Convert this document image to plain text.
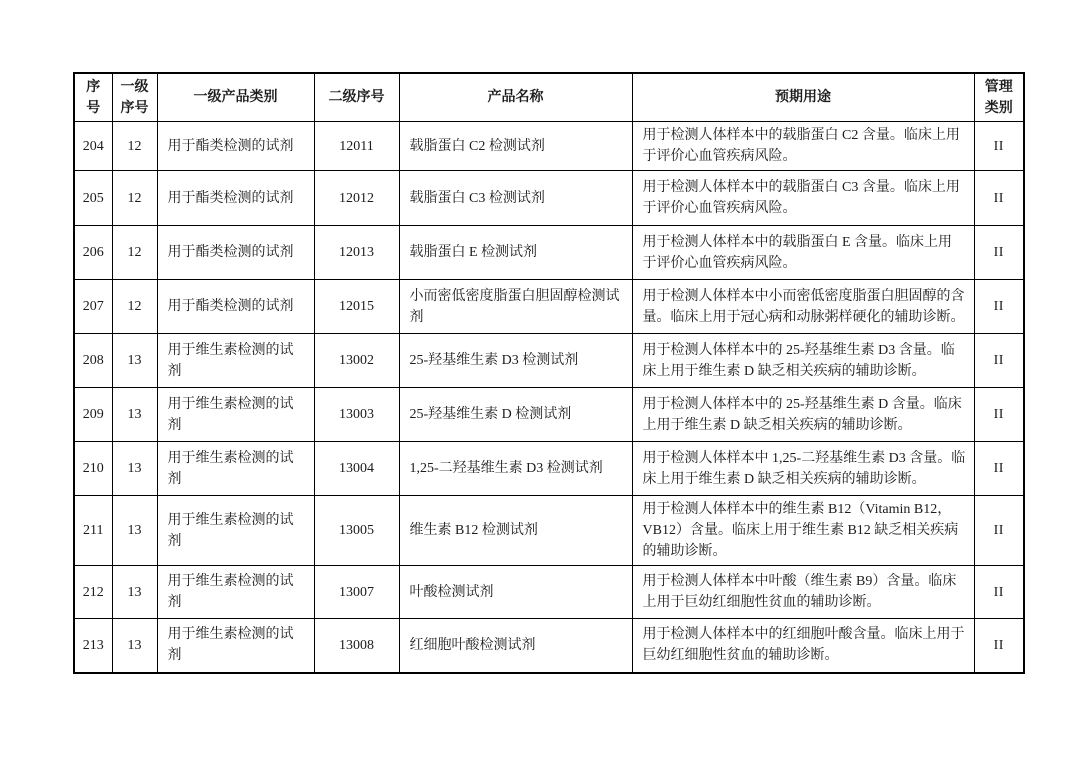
序号	一级序号	一级产品类别	二级序号	产品名称	预期用途	管理类别
204	12	用于酯类检测的试剂	12011	载脂蛋白 C2 检测试剂	用于检测人体样本中的载脂蛋白 C2 含量。临床上用于评价心血管疾病风险。	II
205	12	用于酯类检测的试剂	12012	载脂蛋白 C3 检测试剂	用于检测人体样本中的载脂蛋白 C3 含量。临床上用于评价心血管疾病风险。	II
206	12	用于酯类检测的试剂	12013	载脂蛋白 E 检测试剂	用于检测人体样本中的载脂蛋白 E 含量。临床上用于评价心血管疾病风险。	II
207	12	用于酯类检测的试剂	12015	小而密低密度脂蛋白胆固醇检测试剂	用于检测人体样本中小而密低密度脂蛋白胆固醇的含量。临床上用于冠心病和动脉粥样硬化的辅助诊断。	II
208	13	用于维生素检测的试剂	13002	25-羟基维生素 D3 检测试剂	用于检测人体样本中的 25-羟基维生素 D3 含量。临床上用于维生素 D 缺乏相关疾病的辅助诊断。	II
209	13	用于维生素检测的试剂	13003	25-羟基维生素 D 检测试剂	用于检测人体样本中的 25-羟基维生素 D 含量。临床上用于维生素 D 缺乏相关疾病的辅助诊断。	II
210	13	用于维生素检测的试剂	13004	1,25-二羟基维生素 D3 检测试剂	用于检测人体样本中 1,25-二羟基维生素 D3 含量。临床上用于维生素 D 缺乏相关疾病的辅助诊断。	II
211	13	用于维生素检测的试剂	13005	维生素 B12 检测试剂	用于检测人体样本中的维生素 B12（Vitamin B12，VB12）含量。临床上用于维生素 B12 缺乏相关疾病的辅助诊断。	II
212	13	用于维生素检测的试剂	13007	叶酸检测试剂	用于检测人体样本中叶酸（维生素 B9）含量。临床上用于巨幼红细胞性贫血的辅助诊断。	II
213	13	用于维生素检测的试剂	13008	红细胞叶酸检测试剂	用于检测人体样本中的红细胞叶酸含量。临床上用于巨幼红细胞性贫血的辅助诊断。	II
